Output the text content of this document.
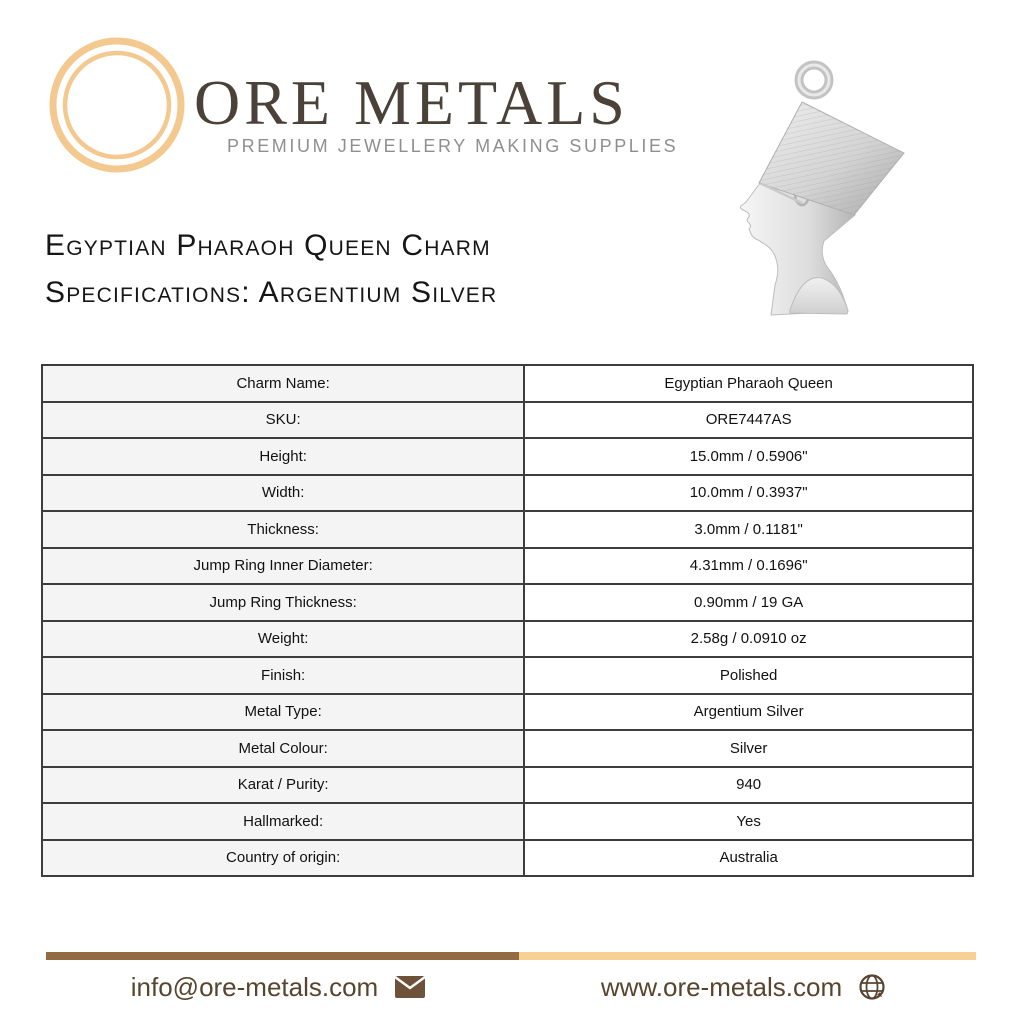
ORE METALS
PREMIUM JEWELLERY MAKING SUPPLIES
Egyptian Pharaoh Queen Charm
Specifications: Argentium Silver
Charm Name:	Egyptian Pharaoh Queen
SKU:	ORE7447AS
Height:	15.0mm / 0.5906"
Width:	10.0mm / 0.3937"
Thickness:	3.0mm / 0.1181"
Jump Ring Inner Diameter:	4.31mm / 0.1696"
Jump Ring Thickness:	0.90mm / 19 GA
Weight:	2.58g / 0.0910 oz
Finish:	Polished
Metal Type:	Argentium Silver
Metal Colour:	Silver
Karat / Purity:	940
Hallmarked:	Yes
Country of origin:	Australia
info@ore-metals.com	www.ore-metals.com
